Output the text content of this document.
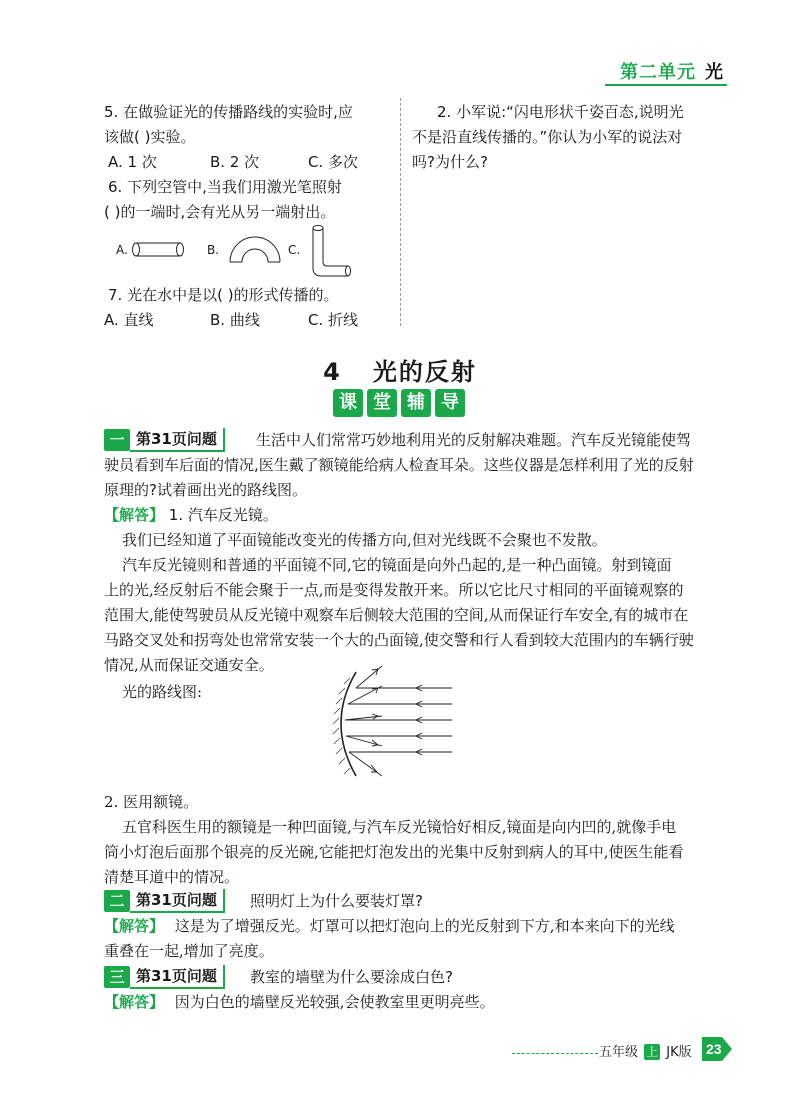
第二单元 光
5. 在做验证光的传播路线的实验时,应
该做( )实验。
A. 1 次	B. 2 次	C. 多次
6. 下列空管中,当我们用激光笔照射
( )的一端时,会有光从另一端射出。
A.	B.	C.
7. 光在水中是以( )的形式传播的。
A. 直线	B. 曲线	C. 折线
2. 小军说:“闪电形状千姿百态,说明光
不是沿直线传播的。”你认为小军的说法对
吗?为什么?
4 光的反射
课 堂 辅 导
一 第31页问题	生活中人们常常巧妙地利用光的反射解决难题。汽车反光镜能使驾
驶员看到车后面的情况,医生戴了额镜能给病人检查耳朵。这些仪器是怎样利用了光的反射
原理的?试着画出光的路线图。
【解答】 1. 汽车反光镜。
我们已经知道了平面镜能改变光的传播方向,但对光线既不会聚也不发散。
汽车反光镜则和普通的平面镜不同,它的镜面是向外凸起的,是一种凸面镜。射到镜面
上的光,经反射后不能会聚于一点,而是变得发散开来。所以它比尺寸相同的平面镜观察的
范围大,能使驾驶员从反光镜中观察车后侧较大范围的空间,从而保证行车安全,有的城市在
马路交叉处和拐弯处也常常安装一个大的凸面镜,使交警和行人看到较大范围内的车辆行驶
情况,从而保证交通安全。
光的路线图:
2. 医用额镜。
五官科医生用的额镜是一种凹面镜,与汽车反光镜恰好相反,镜面是向内凹的,就像手电
筒小灯泡后面那个银亮的反光碗,它能把灯泡发出的光集中反射到病人的耳中,使医生能看
清楚耳道中的情况。
二 第31页问题	照明灯上为什么要装灯罩?
【解答】 这是为了增强反光。灯罩可以把灯泡向上的光反射到下方,和本来向下的光线
重叠在一起,增加了亮度。
三 第31页问题	教室的墙壁为什么要涂成白色?
【解答】 因为白色的墙壁反光较强,会使教室里更明亮些。
五年级 上 JK版 23
